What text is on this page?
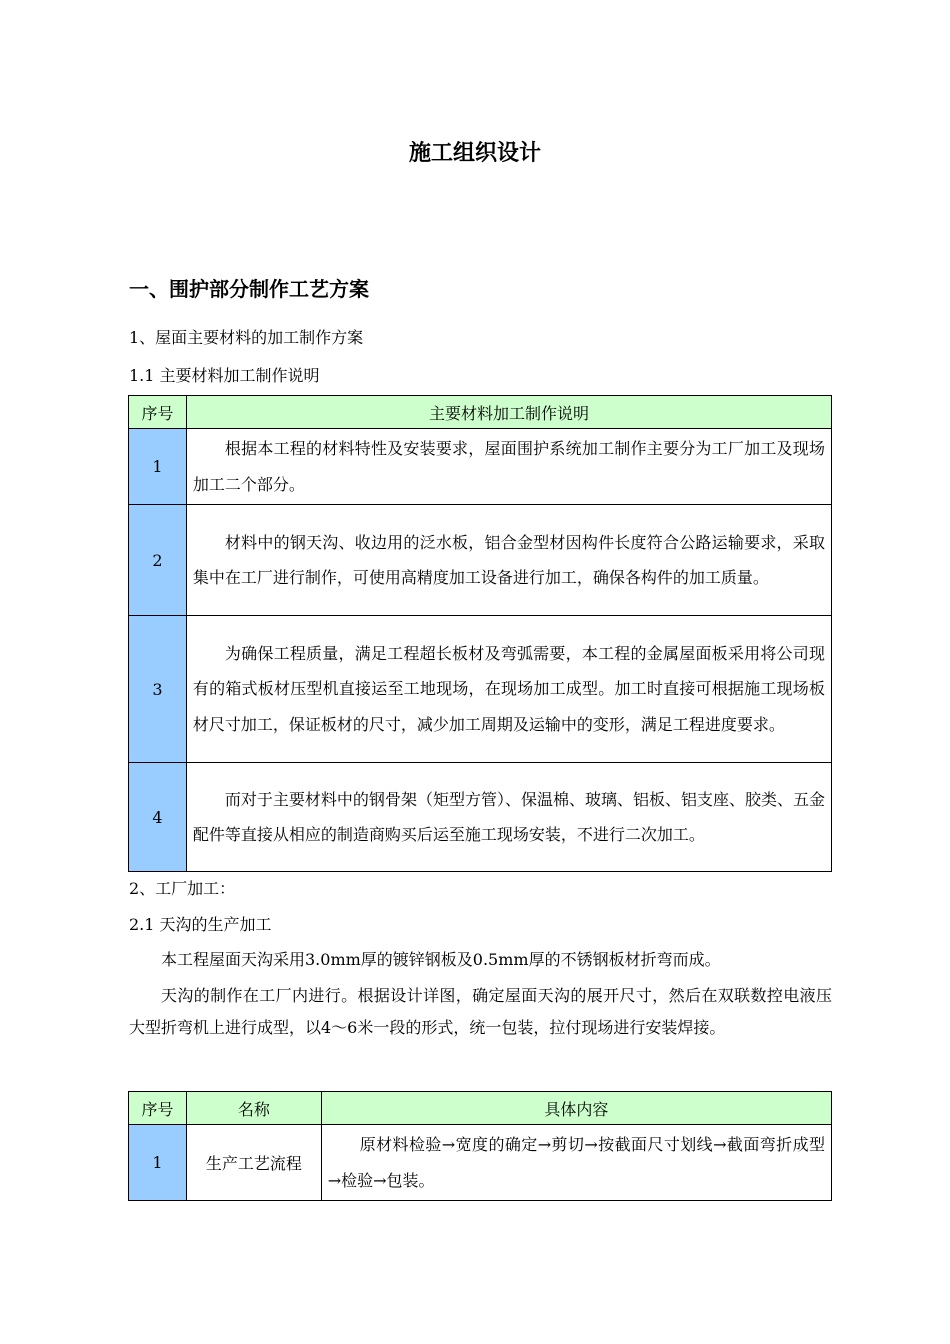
施工组织设计
一、围护部分制作工艺方案
1、屋面主要材料的加工制作方案
1.1 主要材料加工制作说明
序号	主要材料加工制作说明
1	根据本工程的材料特性及安装要求，屋面围护系统加工制作主要分为工厂加工及现场加工二个部分。
2	材料中的钢天沟、收边用的泛水板，铝合金型材因构件长度符合公路运输要求，采取集中在工厂进行制作，可使用高精度加工设备进行加工，确保各构件的加工质量。
3	为确保工程质量，满足工程超长板材及弯弧需要，本工程的金属屋面板采用将公司现有的箱式板材压型机直接运至工地现场，在现场加工成型。加工时直接可根据施工现场板材尺寸加工，保证板材的尺寸，减少加工周期及运输中的变形，满足工程进度要求。
4	而对于主要材料中的钢骨架（矩型方管）、保温棉、玻璃、铝板、铝支座、胶类、五金配件等直接从相应的制造商购买后运至施工现场安装，不进行二次加工。
2、工厂加工：
2.1 天沟的生产加工
本工程屋面天沟采用3.0mm厚的镀锌钢板及0.5mm厚的不锈钢板材折弯而成。
天沟的制作在工厂内进行。根据设计详图，确定屋面天沟的展开尺寸，然后在双联数控电液压大型折弯机上进行成型，以4～6米一段的形式，统一包装，拉付现场进行安装焊接。
序号	名称	具体内容
1	生产工艺流程	原材料检验→宽度的确定→剪切→按截面尺寸划线→截面弯折成型→检验→包装。
